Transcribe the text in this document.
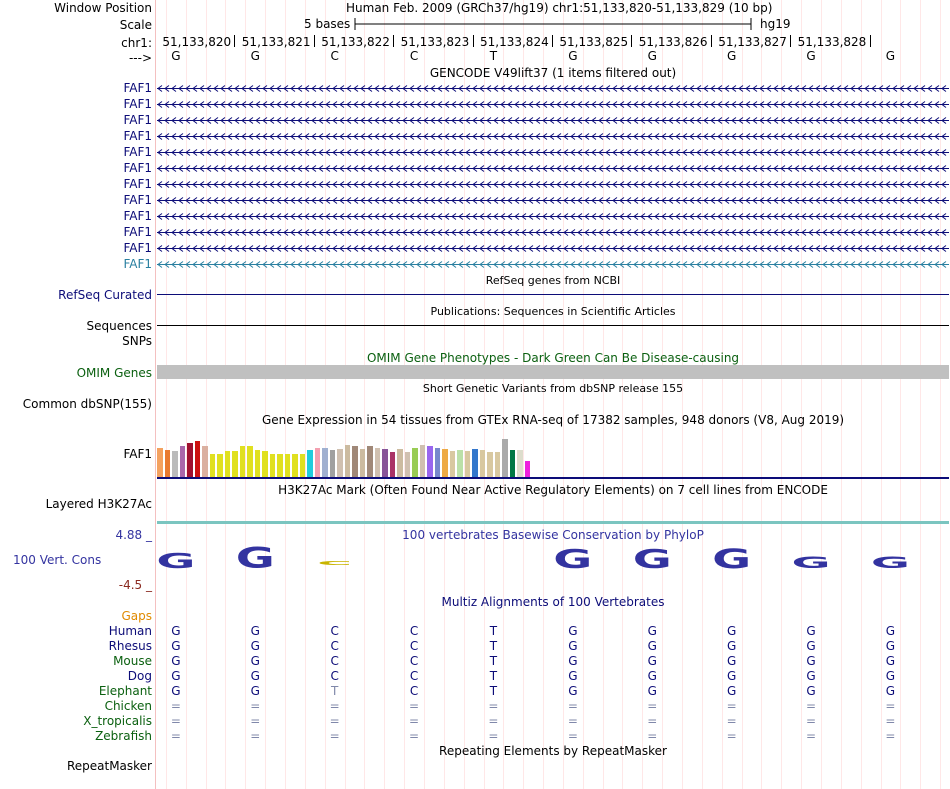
Window Position	Human Feb. 2009 (GRCh37/hg19) chr1:51,133,820-51,133,829 (10 bp)
Scale	5 bases	hg19
chr1: 51,133,820 51,133,821 51,133,822 51,133,823 51,133,824 51,133,825 51,133,826 51,133,827 51,133,828
--->	G	G	C	C	T	G	G	G	G	G
GENCODE V49lift37 (1 items filtered out)
FAF1
FAF1
FAF1
FAF1
FAF1
FAF1
FAF1
FAF1
FAF1
FAF1
FAF1
FAF1
RefSeq genes from NCBI
RefSeq Curated
Publications: Sequences in Scientific Articles
Sequences
SNPs
OMIM Gene Phenotypes - Dark Green Can Be Disease-causing
OMIM Genes
Short Genetic Variants from dbSNP release 155
Common dbSNP(155)
Gene Expression in 54 tissues from GTEx RNA-seq of 17382 samples, 948 donors (V8, Aug 2019)
FAF1
H3K27Ac Mark (Often Found Near Active Regulatory Elements) on 7 cell lines from ENCODE
Layered H3K27Ac
100 vertebrates Basewise Conservation by PhyloP
4.88 _
100 Vert. Cons
-4.5 _
G G C	G G G G G
Multiz Alignments of 100 Vertebrates
Gaps
Human	G	G	C	C	T	G	G	G	G	G
Rhesus	G	G	C	C	T	G	G	G	G	G
Mouse	G	G	C	C	T	G	G	G	G	G
Dog	G	G	C	C	T	G	G	G	G	G
Elephant	G	G	T	C	T	G	G	G	G	G
Chicken	=	=	=	=	=	=	=	=	=	=
X_tropicalis	=	=	=	=	=	=	=	=	=	=
Zebrafish	=	=	=	=	=	=	=	=	=	=
Repeating Elements by RepeatMasker
RepeatMasker
